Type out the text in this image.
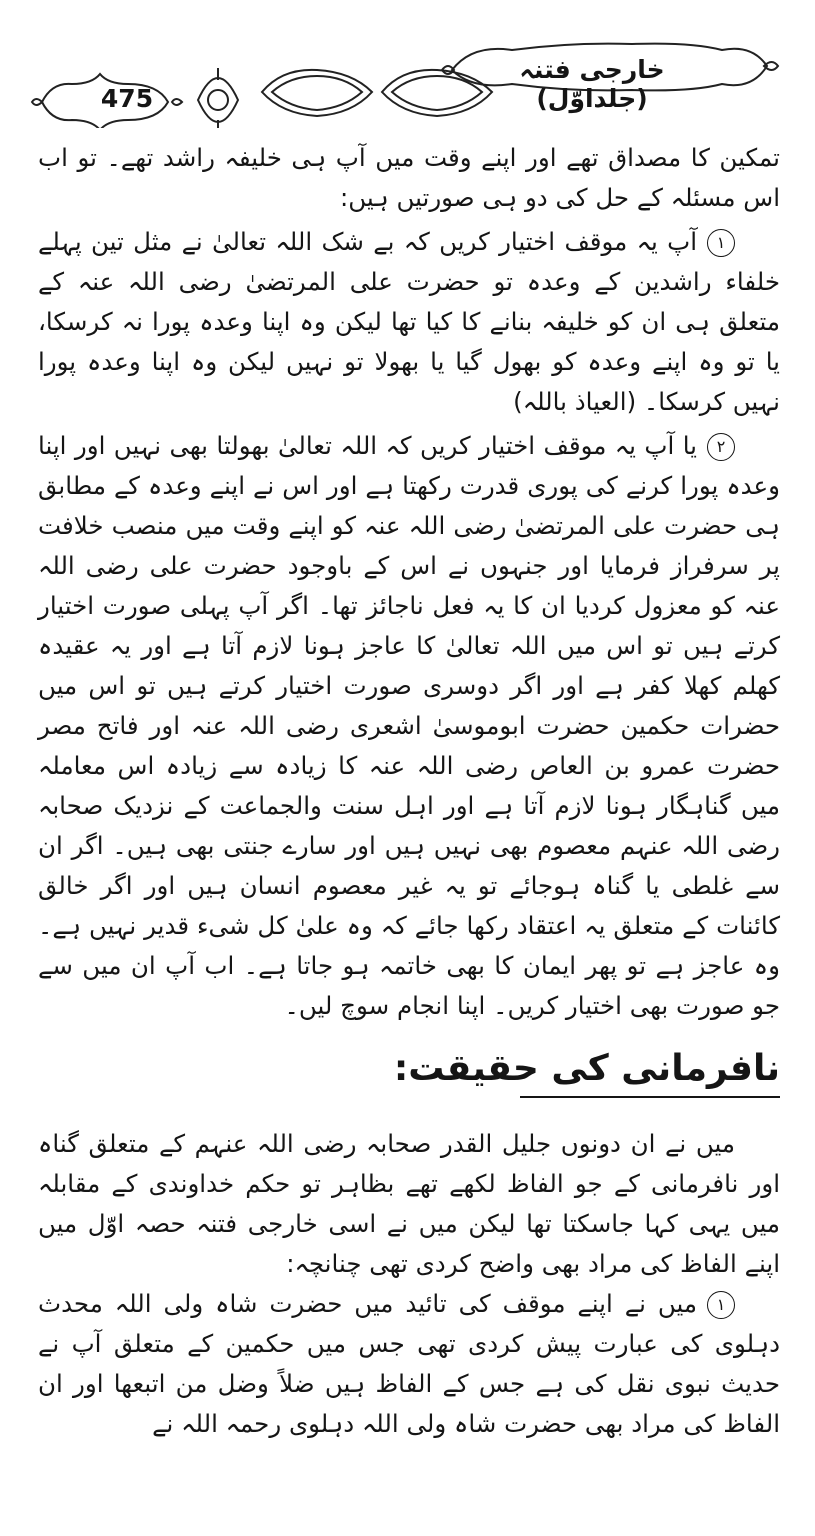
475
خارجی فتنہ (جلداوّل)

تمکین کا مصداق تھے اور اپنے وقت میں آپ ہی خلیفہ راشد تھے۔ تو اب اس مسئلہ کے حل کی دو ہی صورتیں ہیں:

١آپ یہ موقف اختیار کریں کہ بے شک اللہ تعالیٰ نے مثل تین پہلے خلفاء راشدین کے وعدہ تو حضرت علی المرتضیٰ رضی اللہ عنہ کے متعلق ہی ان کو خلیفہ بنانے کا کیا تھا لیکن وہ اپنا وعدہ پورا نہ کرسکا، یا تو وہ اپنے وعدہ کو بھول گیا یا بھولا تو نہیں لیکن وہ اپنا وعدہ پورا نہیں کرسکا۔ (العیاذ باللہ)

٢یا آپ یہ موقف اختیار کریں کہ اللہ تعالیٰ بھولتا بھی نہیں اور اپنا وعدہ پورا کرنے کی پوری قدرت رکھتا ہے اور اس نے اپنے وعدہ کے مطابق ہی حضرت علی المرتضیٰ رضی اللہ عنہ کو اپنے وقت میں منصب خلافت پر سرفراز فرمایا اور جنہوں نے اس کے باوجود حضرت علی رضی اللہ عنہ کو معزول کردیا ان کا یہ فعل ناجائز تھا۔ اگر آپ پہلی صورت اختیار کرتے ہیں تو اس میں اللہ تعالیٰ کا عاجز ہونا لازم آتا ہے اور یہ عقیدہ کھلم کھلا کفر ہے اور اگر دوسری صورت اختیار کرتے ہیں تو اس میں حضرات حکمین حضرت ابوموسیٰ اشعری رضی اللہ عنہ اور فاتح مصر حضرت عمرو بن العاص رضی اللہ عنہ کا زیادہ سے زیادہ اس معاملہ میں گناہگار ہونا لازم آتا ہے اور اہل سنت والجماعت کے نزدیک صحابہ رضی اللہ عنہم معصوم بھی نہیں ہیں اور سارے جنتی بھی ہیں۔ اگر ان سے غلطی یا گناہ ہوجائے تو یہ غیر معصوم انسان ہیں اور اگر خالق کائنات کے متعلق یہ اعتقاد رکھا جائے کہ وہ علیٰ کل شیء قدیر نہیں ہے۔ وہ عاجز ہے تو پھر ایمان کا بھی خاتمہ ہو جاتا ہے۔ اب آپ ان میں سے جو صورت بھی اختیار کریں۔ اپنا انجام سوچ لیں۔

نافرمانی کی حقیقت:

میں نے ان دونوں جلیل القدر صحابہ رضی اللہ عنہم کے متعلق گناہ اور نافرمانی کے جو الفاظ لکھے تھے بظاہر تو حکم خداوندی کے مقابلہ میں یہی کہا جاسکتا تھا لیکن میں نے اسی خارجی فتنہ حصہ اوّل میں اپنے الفاظ کی مراد بھی واضح کردی تھی چنانچہ:

١میں نے اپنے موقف کی تائید میں حضرت شاہ ولی اللہ محدث دہلوی کی عبارت پیش کردی تھی جس میں حکمین کے متعلق آپ نے حدیث نبوی نقل کی ہے جس کے الفاظ ہیں ضلاً وضل من اتبعھا اور ان الفاظ کی مراد بھی حضرت شاہ ولی اللہ دہلوی رحمہ اللہ نے
